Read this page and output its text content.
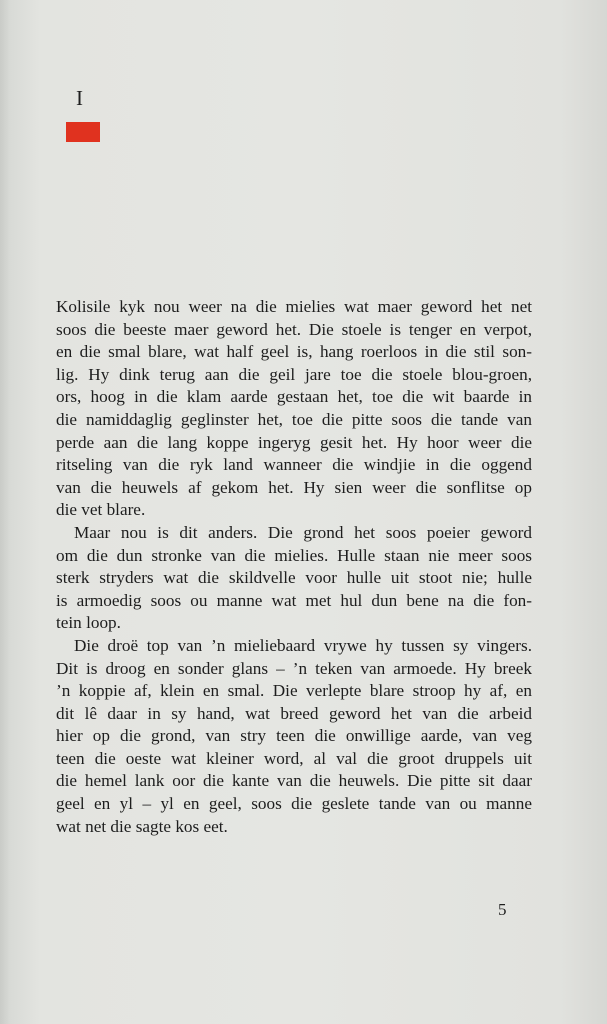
I
Kolisile kyk nou weer na die mielies wat maer geword het net
soos die beeste maer geword het. Die stoele is tenger en verpot,
en die smal blare, wat half geel is, hang roerloos in die stil son-
lig. Hy dink terug aan die geil jare toe die stoele blou-groen,
ors, hoog in die klam aarde gestaan het, toe die wit baarde in
die namiddaglig geglinster het, toe die pitte soos die tande van
perde aan die lang koppe ingeryg gesit het. Hy hoor weer die
ritseling van die ryk land wanneer die windjie in die oggend
van die heuwels af gekom het. Hy sien weer die sonflitse op
die vet blare.
Maar nou is dit anders. Die grond het soos poeier geword
om die dun stronke van die mielies. Hulle staan nie meer soos
sterk stryders wat die skildvelle voor hulle uit stoot nie; hulle
is armoedig soos ou manne wat met hul dun bene na die fon-
tein loop.
Die droë top van ’n mieliebaard vrywe hy tussen sy vingers.
Dit is droog en sonder glans – ’n teken van armoede. Hy breek
’n koppie af, klein en smal. Die verlepte blare stroop hy af, en
dit lê daar in sy hand, wat breed geword het van die arbeid
hier op die grond, van stry teen die onwillige aarde, van veg
teen die oeste wat kleiner word, al val die groot druppels uit
die hemel lank oor die kante van die heuwels. Die pitte sit daar
geel en yl – yl en geel, soos die geslete tande van ou manne
wat net die sagte kos eet.
5
